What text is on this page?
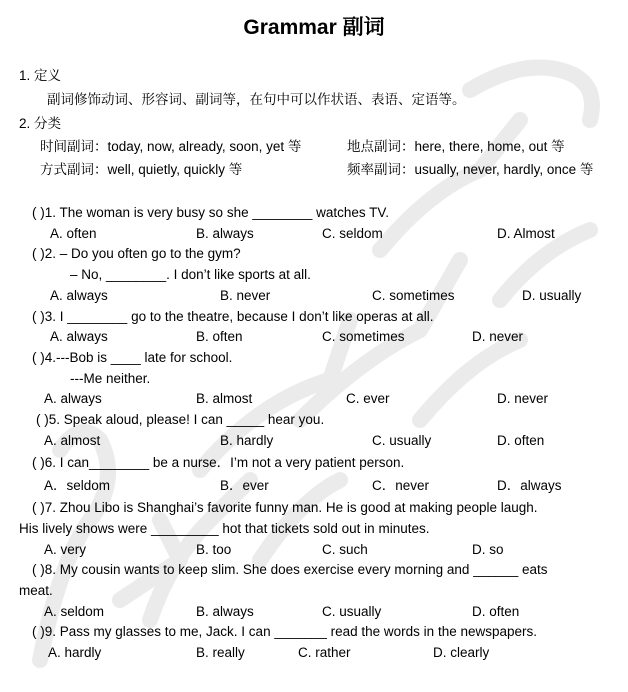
Grammar 副词
1. 定义
副词修饰动词、形容词、副词等，在句中可以作状语、表语、定语等。
2. 分类
时间副词：today, now, already, soon, yet 等	地点副词：here, there, home, out 等
方式副词：well, quietly, quickly 等	频率副词：usually, never, hardly, once 等
( )1. The woman is very busy so she ________ watches TV.
A. often	B. always	C. seldom	D. Almost
( )2. – Do you often go to the gym?
– No, ________. I don’t like sports at all.
A. always	B. never	C. sometimes	D. usually
( )3. I ________ go to the theatre, because I don’t like operas at all.
A. always	B. often	C. sometimes	D. never
( )4.---Bob is ____ late for school.
---Me neither.
A. always	B. almost	C. ever	D. never
( )5. Speak aloud, please! I can _____ hear you.
A. almost	B. hardly	C. usually	D. often
( )6. I can________ be a nurse．I’m not a very patient person.
A．seldom	B．ever	C．never	D．always
( )7. Zhou Libo is Shanghai’s favorite funny man. He is good at making people laugh.
His lively shows were _________ hot that tickets sold out in minutes.
A. very	B. too	C. such	D. so
( )8. My cousin wants to keep slim. She does exercise every morning and ______ eats
meat.
A. seldom	B. always	C. usually	D. often
( )9. Pass my glasses to me, Jack. I can _______ read the words in the newspapers.
A. hardly	B. really	C. rather	D. clearly
